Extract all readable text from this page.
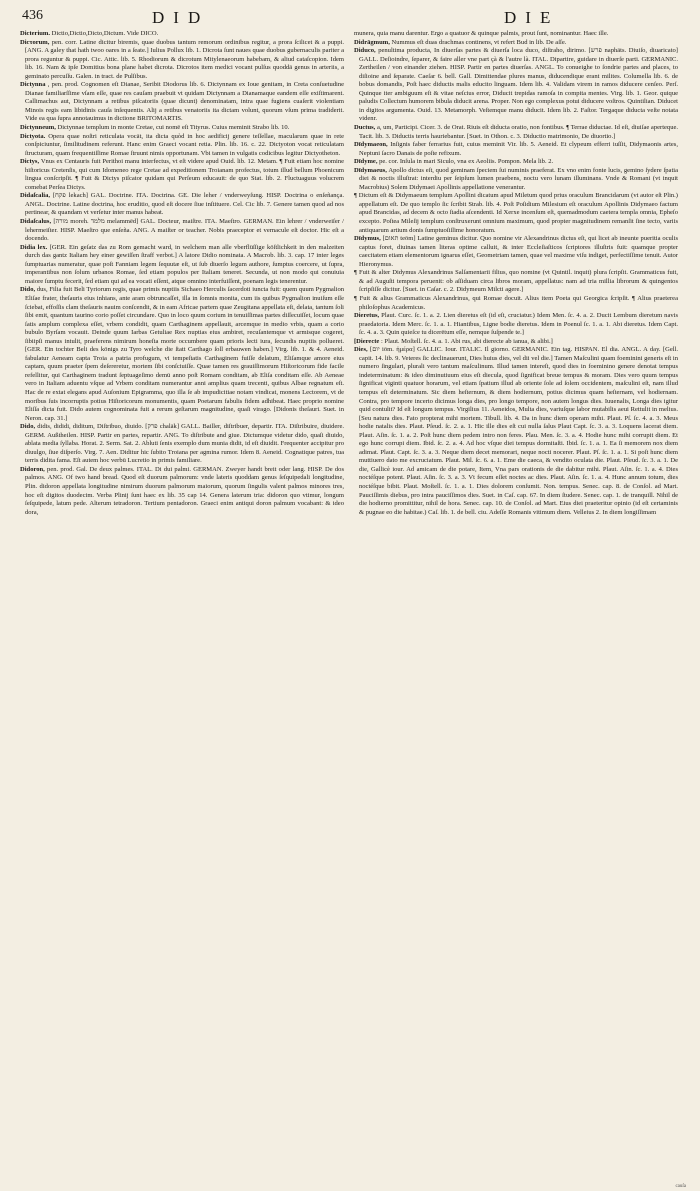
436	DID	DIE

Dicterium. Dictio,Dictio,Dicto,Dictum. Vide DICO.

Dicτorum, pen. corr. Latine dicitur biremis, quae duobus tantum remorum ordinibus regitur, a prora ſcilicet & a puppi. [ANG. A galey that hath twoo oares in a ſeate.] Iulius Pollux lib. 1. Dicrota ſunt naues quae duobus gubernaculis pariter a prora reguntur & puppi. Cic. Attic. lib. 5. Rhodiorum & dicrotum Mitylenaeorum habebam, & aliud cataſcopion. Idem lib. 16. Nam & ipſe Domitius bona plane habet dicrota. Dicrotos item medici vocant pulſus quoddā genus in arteriis, a geminato percuſſu. Galen. in tract. de Pulſibus.

Dictynna , pen. prod. Cognomen eſt Dianae, Seribit Diodorus lib. 6. Dictynnam ex Ioue genitam, in Creta conſuetudine Dianae familiarſſime vſam eſſe, quae res cauſam praebuit vt quidam Dictynnam a Dianamaque eandem eſſe exiſtimarent. Callimachus aut, Dictynnam a retibus piſcatoriis (quae dicunt) denominatam, intra quae fugiens cuaſerit violentiam Minois regis eam libidinis cauſa inſequentis. Alij a retibus venatoriis ita dictam volunt, quorum vſum prima tradiderit. Vide ea qua ſupra annotauimus in dictione BRITOMARTIS.

Dictynneum, Dictynnae templum in monte Cretae, cui nomē eſt Tityrus. Cuius meminit Strabo lib. 10.

Dictyota. Opera quae noſtri reticulata vocāt, ita dicta quòd in hoc aedificij genere teſſellae, macularum quae in rete conſpiciuntur, ſimilitudinem referunt. Hanc enim Graeci vocant retia. Plin. lib. 16. c. 22. Dictyoton vocat reticulatam ſtructuram, quam frequentiſſime Romae ſtruunt nimis opportunam. Vbi tamen in vulgatis codicibus legitur Dictyotheton.

Dictys, Vnus ex Centauris fuit Perithoi manu interfectus, vt eſt videre apud Ouid. lib. 12. Metam. ¶ Fuit etiam hoc nomine hiſtoricus Cretenſis, qui cum Idomeneo rege Cretae ad expeditionem Troianam profectus, totum illud bellum Phoenicum lingua conſcripſit. ¶ Fuit & Dictys piſcator quidam qui Perſeum educauit: de quo Stat. lib. 2. Fluctuaguus volucrem comebat Perſea Dictys.

Didaſcalia, [פקח lekach] GAL. Doctrine. ITA. Doctrina. GE. Die leher / vnderweyſung. HISP. Doctrina o enſeñança. ANGL. Doctrine. Latine doctrina, hoc eruditio, quod eſt docere ſiue inſtituere. Cel. Cic lib. 7. Genere tamen quod ad nos pertinear, & quandam vt verſetur inter manus habeat.

Didaſcalus, [מורה moreh. מלמד melammēd] GAL. Docteur, maiſtre. ITA. Maeſtro. GERMAN. Ein lehrer / vnderweiſer / lehermeiſter. HISP. Maeſtro que enſeña. ANG. A maiſter or teacher. Nobis praeceptor et vernacule eſt doctor. Hic eſt a docendo.

Didia lex. [GER. Ein geſatz das zu Rom gemacht ward, in welchem man alle vberflüſſige köſtlichkeit in den malzeiten durch das gantz Italiam hey einer gewiſſen ſtraff verbot.] A latore Didio nominata. A Macrob. lib. 3. cap. 17 inter leges ſumptuarias numeratur, quae poſt Fanniam legem ſequutæ eſt, ut ſub diuerſo legum authore, ſumptus coercere, ut ſupra, imperantibus non ſolum urbanos Romae, ſed etiam populos per Italiam teneret. Secunda, ut non modo qui conuiuia maiore ſumptu fecerit, ſed etiam qui ad ea vocati eſſent, atque omnino interfuiſſent, poenam legis tenerentur.

Dido, dus, Filia fuit Beli Tyriorum regis, quae primis nuptiis Sichaeo Herculis ſacerdoti iuncta fuit: quem quum Pygmalion Eliſae frater, theſauris eius inhians, ante aram obtruncaſſet, illa in ſomnis monita, cum iis quibus Pygmalion inuiſum eſſe ſciebat, effoſſis clam theſauris nauim conſcendit, & in eam Africae partem quae Zeugitana appellata eſt, delata, tantum ſoli ſibi emit, quantum taurino corio poſſet circundare. Quo in loco quum corium in tenuiſſimas partes diſſecuiſſet, locum quae ſatis amplum complexa eſſet, vrbem condidit, quam Carthaginem appellauit, arcemque in medio vrbis, quam a corio bubulo Byrſam vocauit. Deinde quum Iarbas Getuliae Rex nuptias eius ambiret, recuſantemque vt armisque cogeret, ſibiipſi manus intulit, praeferens nimirum honeſta morte occumbere quam prioris lecti iura, ſecundis nuptiis pollueret. [GER. Ein tochter Beli des königs zu Tyro welche die ſtatt Carthago ſoll erbauwen haben.] Virg. lib. 1. & 4. Aeneid. fabulatur Aeneam capta Troia a patria profugum, vi tempeſtatis Carthaginem fuiſſe delatum, Eliſamque amore eius captam, quum praeter ſpem deſereretur, mortem ſibi conſciuiſſe. Quae tamen res grauiſſimorum Hiſtoricorum fide facile refellitur, qui Carthaginem tradunt ſeptuageſimo demū anno poſt Romam conditam, ab Eliſa conditam eſſe. Ab Aeneae vero in Italiam aduentu vſque ad Vrbem conditam numerantur anni amplius quam trecenti, quibus Albae regnatum eſt. Hac de re extat elegans apud Auſonium Epigramma, quo illa ſe ab impudicitiae notam vindicat, monens Lectorem, vt de moribus ſuis incorruptis potius Hiſtoricorum monumentis, quam Poetarum fabulis fidem adhibeat. Haec proprio nomine Eliſſa dicta fuit. Dido autem cognominata fuit a rerum geſtarum magnitudine, quaſi virago. [Didonis theſauri. Suet. in Neron. cap. 31.]

Dido, didis, dididi, diditum, Diſtribuo, diuido. [פרק chalāk] GALL. Bailler, diſtribuer, departir. ITA. Diſtribuire, diuidere. GERM. Außtheilen. HISP. Partir en partes, repartir. ANG. To diſtribute and giue. Dictumque videtur dido, quaſi diuido, ablata media ſyllaba. Horat. 2. Serm. Sat. 2. Abluti ſenis exemplo dum munia didit, id eſt diuidit. Frequenter accipitur pro diuulgo, ſiue diſperſo. Virg. 7. Aen. Diditur hic ſubito Troiana per agmina rumor. Idem 8. Aeneid. Cognatique patres, tua terris didita fama. Eſt autem hoc verbū Lucretio in primis familiare.

Didoron, pen. prod. Gal. De deux palmes. ITAL. Di dui palmi. GERMAN. Zweyer handt breit oder lang. HISP. De dos palmos. ANG. Of two hand bread. Quod eſt duorum palmorum: vnde lateris quoddam genus ſeſquipedali longitudine, Plin. didoron appellata longitudine nimirum duorum palmorum maiorum, quorum ſingulis valent palmos minores tres, hoc eſt digitos duodecim. Verba Plinij ſunt haec ex lib. 35 cap 14. Genera laterum tria: didoron quo vtimur, longum ſeſquipede, latum pede. Alterum tetradoron. Tertium pentadoron. Graeci enim antiqui doron palmum vocabant: & ideo dora,

munera, quia manu darentur. Ergo a quatuor & quinque palmis, prout ſunt, nominantur. Haec ille.

Didrāgmum, Nummus eſt duas drachmas continens, vt refert Bud in lib. De aſſe.

Diduco, penultima producta, In diuerſas partes & diuerſa loca duco, diſtraho, dirimo. [פרש naphāts. Diuiſo, diuaricato] GALL. Deſioindre, ſeparer, & faire aller vne part çà & l'autre là. ITAL. Dipartire, guidare in diuerſe parti. GERMANIC. Zertheilen / von einander ziehen. HISP. Partir en partes diuerſas. ANGL. To conueighe to ſondrie partes and places, to diſioine and ſeparate. Caeſar 6. bell. Gall. Dimittendae plures manus, diducendique erant milites. Columella lib. 6. de bobus domandis, Poſt haec diductis malis educito linguam. Idem lib. 4. Validam virem in ramos diducere cenſeo. Perſ. Quinque iter ambiguum eſt & vitae neſcius error, Diducit trepidas ramoſa in compita mentes. Virg. lib. 1. Geor. quique paludis Collectum humorem bibula diducit arena. Proper. Non ego complexus potui diducere voſtros. Quintilian. Diducet in digitos argumenta. Ouid. 13. Metamorph. Veſtemque manu diducit. Idem lib. 2. Faſtor. Tergaque diducta veſte notata videnr.

Ductus, a, um, Participi. Cicer. 3. de Orat. Riuis eſt diducta oratio, non fontibus. ¶ Terrae diductae. Id eſt, diuiſae aperteque. Tacit. lib. 3. Diductis terris hauriebantur. [Suet. in Othon. c. 3. Diductio matrimonio, De diuortio.]

Dīdymaeon, Inſignis faber ferrarius fuit, cuius meminit Vir. lib. 5. Aeneid. Et clypeum efferri iuſſit, Didymaonis artes, Neptuni ſacro Danais de poſte refixum.

Dīdyme, pe. cor. Inſula in mari Siculo, vna ex Aeoliis. Pompon. Mela lib. 2.

Dīdymaeus, Apollo dictus eſt, quod geminam ſpeciem ſui numinis praeferat. Ex vno enim fonte lucis, gemino ſydere ſpatia diei & noctis illuſtrat: interdiu per ſeipſum lumen praebens, noctu vero lunam illuminans. Vnde & Romani (vt inquit Macrobius) Solem Didymaei Apollinis appellatione venerantur.

¶ Dictum eſt & Didymaeum templum Apollini dicatum apud Miletum quod prius oraculum Brancidarum (vt autor eſt Plin.) appellatum eſt. De quo templo ſic ſcribit Strab. lib. 4. Poſt Poſidium Milesium eſt oraculum Apollinis Didymaeo factum apud Brancidas, ad decem & octo ſtadia aſcendenti. Id Xerxe incenſum eſt, quemadmodum caetera templa omnia, Epheſo excepto. Poſtea Mileſij templum conſtruxerunt omnium maximum, quod propter magnitudinem remanſit ſine tecto, variis antiquarum artium donis ſumptuoſiſſime honoratum.

Dīdymus, [תאום teōm] Latine geminus dicitur. Quo nomine vir Alexandrinus dictus eſt, qui licet ab ineunte pueritia oculis captus foret, diuinas tamen literas optime calluit, & inter Eccleſiaſticos ſcriptores illuſtris fuit: quamque propter caecitatem etiam elementorum ignarus eſſet, Geometriam tamen, quae vel maxime viſu indiget, perfectiſſime tenuit. Autor Hieronymus.

¶ Fuit & alter Didymus Alexandrinus Salſamentarii filius, quo nomine (vt Quintil. inquit) plura ſcripſit. Grammaticus fuit, & ad Auguſti tempora peruenit: ob aſſiduam circa libros moram, appellatus: nam ad tria millia librorum & quingentos ſcripſiſſe dicitur. [Suet. in Caſar. c. 2. Didymeum Milcti agere.]

¶ Fuit & alius Grammaticus Alexandrinus, qui Romae docuit. Alius item Poeta qui Georgica ſcripſit. ¶ Alius praeterea philoſophus Academicus.

Dieretus, Plaut. Curc. ſc. 1. a. 2. Lien dieretus eſt (id eſt, cruciatur.) Idem Men. ſc. 4. a. 2. Ducit Lembum dieretum navis praedatoria. Idem Merc. ſc. 1. a. 1. Hiantibus, Ligne bodie dieretus. Idem in Poenul ſc. 1. a. 1. Abi dieretus. Idem Capt. ſc. 4. a. 3. Quin quieſce tu dicerētum eſſe, nemque ſuſpende te.]

[Dierecte : Plaut. Moſtell. ſc. 4. a. 1. Abi rus, abi dierecte ab ianua, & alibi.]

Dies, [יום iōm. ἡμέρα] GALLIC. Iour. ITALIC. Il giorno. GERMANIC. Ein tag. HISPAN. El dia. ANGL. A day. [Gell. capit. 14. lib. 9. Veteres ſic declinauerunt, Dies huius dies, vel dii vel die.] Tamen Maſculini quam foeminini generis eſt in numero ſingulari, plurali vero tantum maſculinum. Illud tamen intereſt, quod dies in foeminino genere denotat tempus indeterminatum: & ideo diminutiuum eius eſt diecula, quod ſignificat breue tempus & moram. Dies vero quum tempus ſignificat viginti quatuor horarum, vel etiam ſpatium illud ab oriente ſole ad ſolem occidentem, maſculini eſt, nam illud tempus eſt determinatum. Sic diem heſternum, & diem hodiernum, potius dicimus quam heſternam, vel hodiernam. Contra, pro tempore incerto dicimus longa dies, pro longo tempore, non autem longus dies. Iuuenalis, Longa dies igitur quid contulit? Id eſt longum tempus. Virgilius 11. Aeneidos, Multa dies, variuſque labor mutabilis aeui Rettulit in melius. [Seu natura dies. Fato propterat mihi mortem. Tibull. lib. 4. Da in hunc diem operam mihi. Plaut. Pſ. ſc. 4. a. 3. Meus hodie natalis dies. Plaut. Pſeud. ſc. 2. a. 1. Hic ille dies eſt cui nulla ſalus Plaut Capt. ſc. 3. a. 3. Loquens lacerat diem. Plaut. Aſin. ſc. 1. a. 2. Poſt hunc diem pedem intro non feres. Plau. Men. ſc. 3. a. 4. Hodie hunc mihi corrupit diem. Et ego hunc corrupi diem. Ibid. ſc. 2. a. 4. Ad hoc vſque diei tempus dormitaſti. Ibid. ſc. 1. a. 1. Ea ſi memorem nox diem adimat. Plaut. Capt. ſc. 3. a. 3. Neque diem decet memorari, neque nocti nocerer. Plaut. Pſ. ſc. 1. a. 1. Si poſt hunc diem muttiuero dato me excruciatum. Plaut. Mil. ſc. 6. a. 1. Eme die caeca, & vendito oculata die. Plaut. Pſeud. ſc. 3. a. 1. De die, Gallicè iour. Ad amicam de die potare, Item, Vna pars orationis de die dabitur mihi. Plaut. Aſin. ſc. 1. a. 4. Dies noctéſque potent. Plaut. Aſin. ſc. 3. a. 3. Vt fecum eſſet noctes ac dies. Plaut. Aſin. ſc. 1. a. 4. Hunc annum totum, dies noctéſque bibit. Plaut. Moſtell. ſc. 1. a. 1. Dies dolorem conſumit. Non. tempus. Senec. cap. 8. de Conſol. ad Mart. Pauciſſimis diebus, pro intra pauciſſimos dies. Suet. in Caſ. cap. 67. In diem ſtudere. Senec. cap. 1. de tranquill. Nihil de die hodierno promittitur, nihil de hora. Senec. cap. 10. de Conſol. ad Mart. Eius diei praeteritur opinio (id eſt certaminis & pugnae eo die habitae.) Caſ. lib. 1. de bell. ciu. Adeſſe Romanis vitimum diem. Velleius 2. In diem longiſſimam

cauſa
